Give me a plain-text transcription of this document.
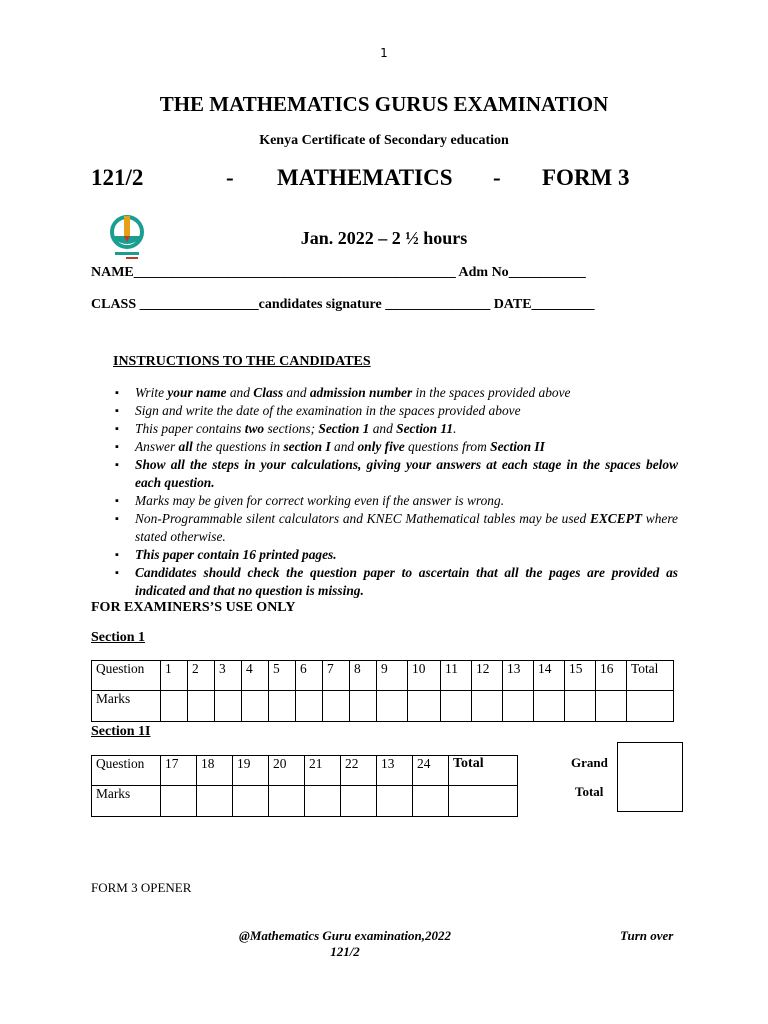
1
THE MATHEMATICS GURUS EXAMINATION
Kenya Certificate of Secondary education
121/2	- MATHEMATICS - FORM 3
Jan. 2022 – 2 ½ hours
NAME______________________________________________ Adm No___________
CLASS _________________candidates signature _______________ DATE_________
INSTRUCTIONS TO THE CANDIDATES
▪ Write your name and Class and admission number in the spaces provided above
▪ Sign and write the date of the examination in the spaces provided above
▪ This paper contains two sections; Section 1 and Section 11.
▪ Answer all the questions in section I and only five questions from Section II
▪ Show all the steps in your calculations, giving your answers at each stage in the spaces below each question.
▪ Marks may be given for correct working even if the answer is wrong.
▪ Non-Programmable silent calculators and KNEC Mathematical tables may be used EXCEPT where stated otherwise.
▪ This paper contain 16 printed pages.
▪ Candidates should check the question paper to ascertain that all the pages are provided as indicated and that no question is missing.
FOR EXAMINERS’S USE ONLY
Section 1
Question	1	2	3	4	5	6	7	8	9	10	11	12	13	14	15	16	Total
Marks																	
Section 1I
Question	17	18	19	20	21	22	13	24	Total
Marks									
Grand
Total
FORM 3 OPENER
@Mathematics Guru examination,2022
121/2
Turn over
